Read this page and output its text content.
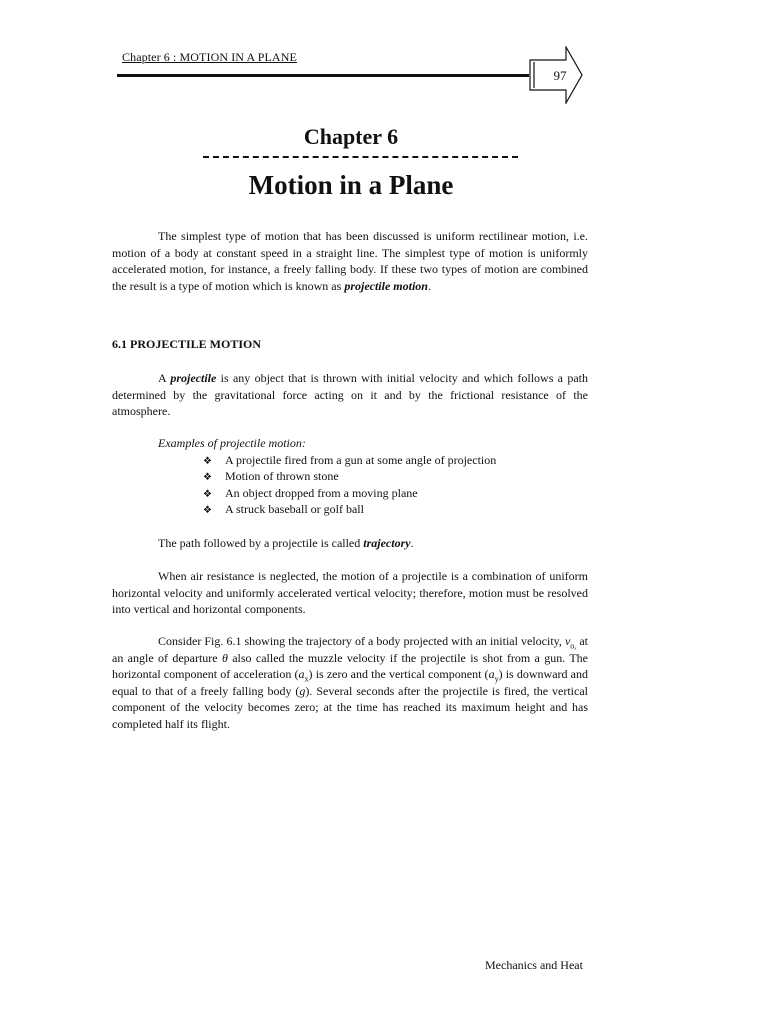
Chapter 6 : MOTION IN A PLANE
97
Chapter 6
Motion in a Plane

The simplest type of motion that has been discussed is uniform rectilinear motion, i.e. motion of a body at constant speed in a straight line. The simplest type of motion is uniformly accelerated motion, for instance, a freely falling body. If these two types of motion are combined the result is a type of motion which is known as projectile motion.

6.1 PROJECTILE MOTION

A projectile is any object that is thrown with initial velocity and which follows a path determined by the gravitational force acting on it and by the frictional resistance of the atmosphere.

Examples of projectile motion:
❖ A projectile fired from a gun at some angle of projection
❖ Motion of thrown stone
❖ An object dropped from a moving plane
❖ A struck baseball or golf ball

The path followed by a projectile is called trajectory.

When air resistance is neglected, the motion of a projectile is a combination of uniform horizontal velocity and uniformly accelerated vertical velocity; therefore, motion must be resolved into vertical and horizontal components.

Consider Fig. 6.1 showing the trajectory of a body projected with an initial velocity, $v_{o,}$ at an angle of departure θ also called the muzzle velocity if the projectile is shot from a gun. The horizontal component of acceleration $(a_x)$ is zero and the vertical component $(a_y)$ is downward and equal to that of a freely falling body (g). Several seconds after the projectile is fired, the vertical component of the velocity becomes zero; at the time has reached its maximum height and has completed half its flight.

Mechanics and Heat
